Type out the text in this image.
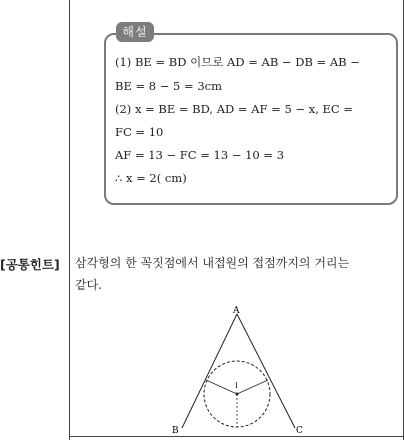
해설
(1) BE = BD 이므로 AD = AB − DB = AB −
BE = 8 − 5 = 3cm
(2) x = BE = BD, AD = AF = 5 − x, EC =
FC = 10
AF = 13 − FC = 13 − 10 = 3
∴ x = 2( cm)
[공통힌트] 삼각형의 한 꼭짓점에서 내접원의 접점까지의 거리는
같다.
A
B	C
I
